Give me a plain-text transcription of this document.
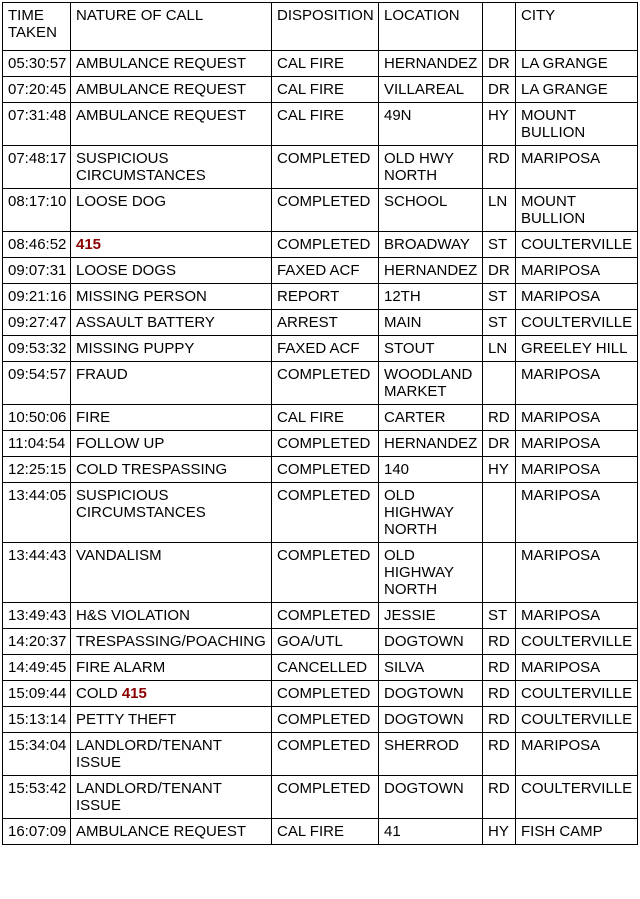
TIME TAKEN	NATURE OF CALL	DISPOSITION	LOCATION		CITY
05:30:57	AMBULANCE REQUEST	CAL FIRE	HERNANDEZ	DR	LA GRANGE
07:20:45	AMBULANCE REQUEST	CAL FIRE	VILLAREAL	DR	LA GRANGE
07:31:48	AMBULANCE REQUEST	CAL FIRE	49N	HY	MOUNT BULLION
07:48:17	SUSPICIOUS CIRCUMSTANCES	COMPLETED	OLD HWY NORTH	RD	MARIPOSA
08:17:10	LOOSE DOG	COMPLETED	SCHOOL	LN	MOUNT BULLION
08:46:52	415	COMPLETED	BROADWAY	ST	COULTERVILLE
09:07:31	LOOSE DOGS	FAXED ACF	HERNANDEZ	DR	MARIPOSA
09:21:16	MISSING PERSON	REPORT	12TH	ST	MARIPOSA
09:27:47	ASSAULT BATTERY	ARREST	MAIN	ST	COULTERVILLE
09:53:32	MISSING PUPPY	FAXED ACF	STOUT	LN	GREELEY HILL
09:54:57	FRAUD	COMPLETED	WOODLAND MARKET		MARIPOSA
10:50:06	FIRE	CAL FIRE	CARTER	RD	MARIPOSA
11:04:54	FOLLOW UP	COMPLETED	HERNANDEZ	DR	MARIPOSA
12:25:15	COLD TRESPASSING	COMPLETED	140	HY	MARIPOSA
13:44:05	SUSPICIOUS CIRCUMSTANCES	COMPLETED	OLD HIGHWAY NORTH		MARIPOSA
13:44:43	VANDALISM	COMPLETED	OLD HIGHWAY NORTH		MARIPOSA
13:49:43	H&S VIOLATION	COMPLETED	JESSIE	ST	MARIPOSA
14:20:37	TRESPASSING/POACHING	GOA/UTL	DOGTOWN	RD	COULTERVILLE
14:49:45	FIRE ALARM	CANCELLED	SILVA	RD	MARIPOSA
15:09:44	COLD 415	COMPLETED	DOGTOWN	RD	COULTERVILLE
15:13:14	PETTY THEFT	COMPLETED	DOGTOWN	RD	COULTERVILLE
15:34:04	LANDLORD/TENANT ISSUE	COMPLETED	SHERROD	RD	MARIPOSA
15:53:42	LANDLORD/TENANT ISSUE	COMPLETED	DOGTOWN	RD	COULTERVILLE
16:07:09	AMBULANCE REQUEST	CAL FIRE	41	HY	FISH CAMP
